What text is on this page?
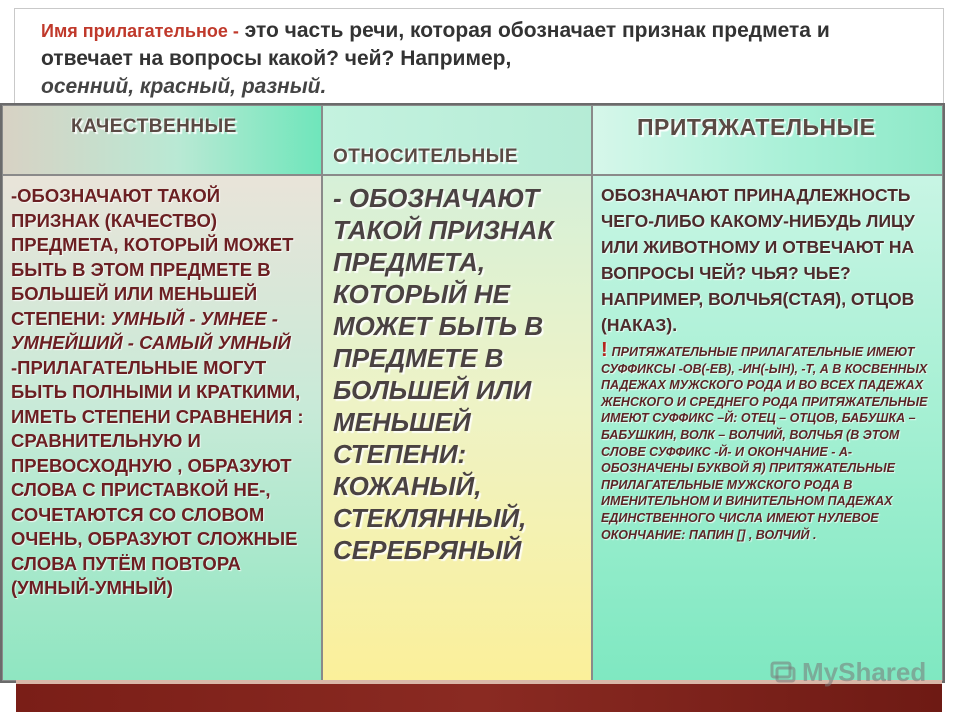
Имя прилагательное - это часть речи, которая обозначает признак предмета и отвечает на вопросы какой? чей? Например,
осенний, красный, разный.

КАЧЕСТВЕННЫЕ
ОТНОСИТЕЛЬНЫЕ
ПРИТЯЖАТЕЛЬНЫЕ
-ОБОЗНАЧАЮТ ТАКОЙ ПРИЗНАК (КАЧЕСТВО) ПРЕДМЕТА, КОТОРЫЙ МОЖЕТ БЫТЬ В ЭТОМ ПРЕДМЕТЕ В БОЛЬШЕЙ ИЛИ МЕНЬШЕЙ СТЕПЕНИ: УМНЫЙ - УМНЕЕ - УМНЕЙШИЙ - САМЫЙ УМНЫЙ -ПРИЛАГАТЕЛЬНЫЕ МОГУТ БЫТЬ ПОЛНЫМИ И КРАТКИМИ, ИМЕТЬ СТЕПЕНИ СРАВНЕНИЯ : СРАВНИТЕЛЬНУЮ И ПРЕВОСХОДНУЮ , ОБРАЗУЮТ СЛОВА С ПРИСТАВКОЙ НЕ-, СОЧЕТАЮТСЯ СО СЛОВОМ ОЧЕНЬ, ОБРАЗУЮТ СЛОЖНЫЕ СЛОВА ПУТЁМ ПОВТОРА (УМНЫЙ-УМНЫЙ)
- ОБОЗНАЧАЮТ ТАКОЙ ПРИЗНАК ПРЕДМЕТА, КОТОРЫЙ НЕ МОЖЕТ БЫТЬ В ПРЕДМЕТЕ В БОЛЬШЕЙ ИЛИ МЕНЬШЕЙ СТЕПЕНИ: КОЖАНЫЙ, СТЕКЛЯННЫЙ, СЕРЕБРЯНЫЙ
ОБОЗНАЧАЮТ ПРИНАДЛЕЖНОСТЬ ЧЕГО-ЛИБО КАКОМУ-НИБУДЬ ЛИЦУ ИЛИ ЖИВОТНОМУ И ОТВЕЧАЮТ НА ВОПРОСЫ ЧЕЙ? ЧЬЯ? ЧЬЕ? НАПРИМЕР, ВОЛЧЬЯ(СТАЯ), ОТЦОВ (НАКАЗ).
! ПРИТЯЖАТЕЛЬНЫЕ ПРИЛАГАТЕЛЬНЫЕ ИМЕЮТ СУФФИКСЫ -ОВ(-ЕВ), -ИН(-ЫН), -Т, А В КОСВЕННЫХ ПАДЕЖАХ МУЖСКОГО РОДА И ВО ВСЕХ ПАДЕЖАХ ЖЕНСКОГО И СРЕДНЕГО РОДА ПРИТЯЖАТЕЛЬНЫЕ ИМЕЮТ СУФФИКС –Й: ОТЕЦ – ОТЦОВ, БАБУШКА – БАБУШКИН, ВОЛК – ВОЛЧИЙ, ВОЛЧЬЯ (В ЭТОМ СЛОВЕ СУФФИКС -Й- И ОКОНЧАНИЕ - А- ОБОЗНАЧЕНЫ БУКВОЙ Я) ПРИТЯЖАТЕЛЬНЫЕ ПРИЛАГАТЕЛЬНЫЕ МУЖСКОГО РОДА В ИМЕНИТЕЛЬНОМ И ВИНИТЕЛЬНОМ ПАДЕЖАХ ЕДИНСТВЕННОГО ЧИСЛА ИМЕЮТ НУЛЕВОЕ ОКОНЧАНИЕ: ПАПИН [] , ВОЛЧИЙ .
MyShared
